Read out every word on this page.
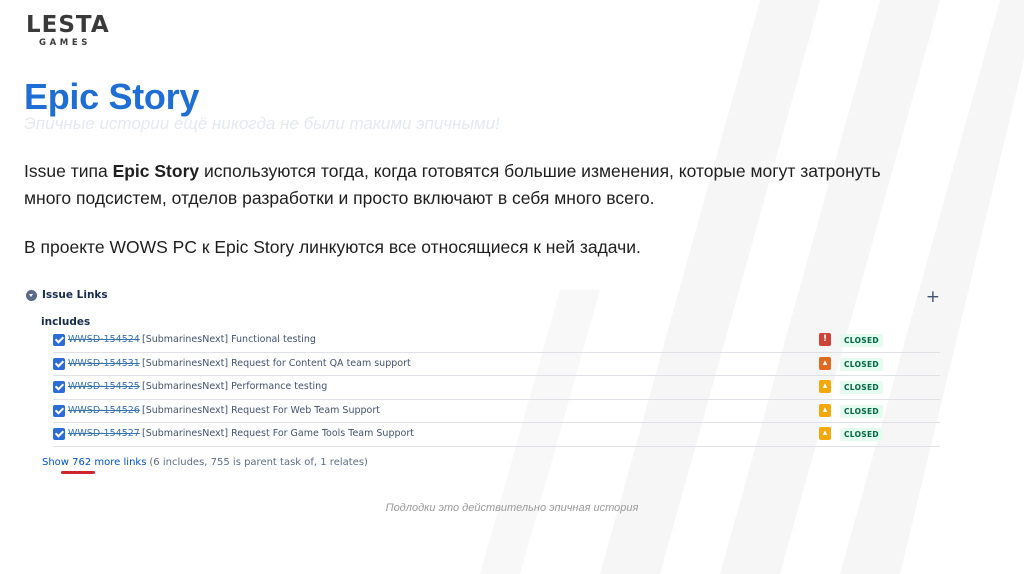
LESTA
GAMES
Epic Story
Эпичные истории ещё никогда не были такими эпичными!
Issue типа Epic Story используются тогда, когда готовятся большие изменения, которые могут затронуть много подсистем, отделов разработки и просто включают в себя много всего.
В проекте WOWS PC к Epic Story линкуются все относящиеся к ней задачи.
Issue Links	+
includes
WWSD-154524 [SubmarinesNext] Functional testing	!	CLOSED
WWSD-154531 [SubmarinesNext] Request for Content QA team support	▴	CLOSED
WWSD-154525 [SubmarinesNext] Performance testing	▴	CLOSED
WWSD-154526 [SubmarinesNext] Request For Web Team Support	▴	CLOSED
WWSD-154527 [SubmarinesNext] Request For Game Tools Team Support	▴	CLOSED
Show 762 more links (6 includes, 755 is parent task of, 1 relates)
Подлодки это действительно эпичная история
